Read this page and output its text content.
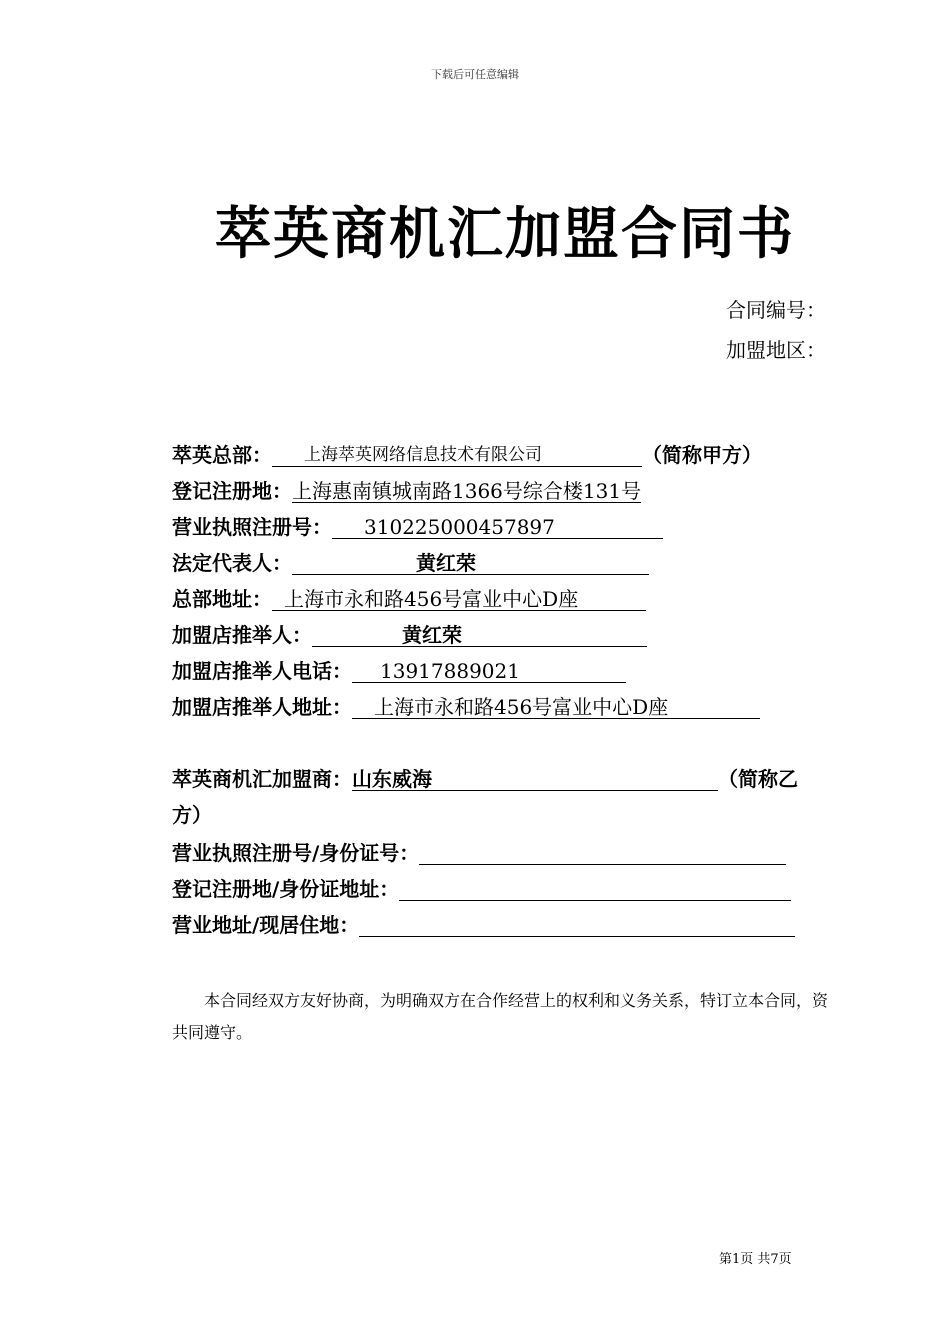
下载后可任意编辑
萃英商机汇加盟合同书
合同编号：
加盟地区：
萃英总部： 上海萃英网络信息技术有限公司	（简称甲方）
登记注册地：上海惠南镇城南路1366号综合楼131号
营业执照注册号： 310225000457897
法定代表人：	黄红荣
总部地址： 上海市永和路456号富业中心D座
加盟店推举人：	黄红荣
加盟店推举人电话： 13917889021
加盟店推举人地址： 上海市永和路456号富业中心D座
萃英商机汇加盟商：山东威海	（简称乙
方）
营业执照注册号/身份证号：
登记注册地/身份证地址：
营业地址/现居住地：
本合同经双方友好协商，为明确双方在合作经营上的权利和义务关系，特订立本合同，资共同遵守。
第1页 共7页
